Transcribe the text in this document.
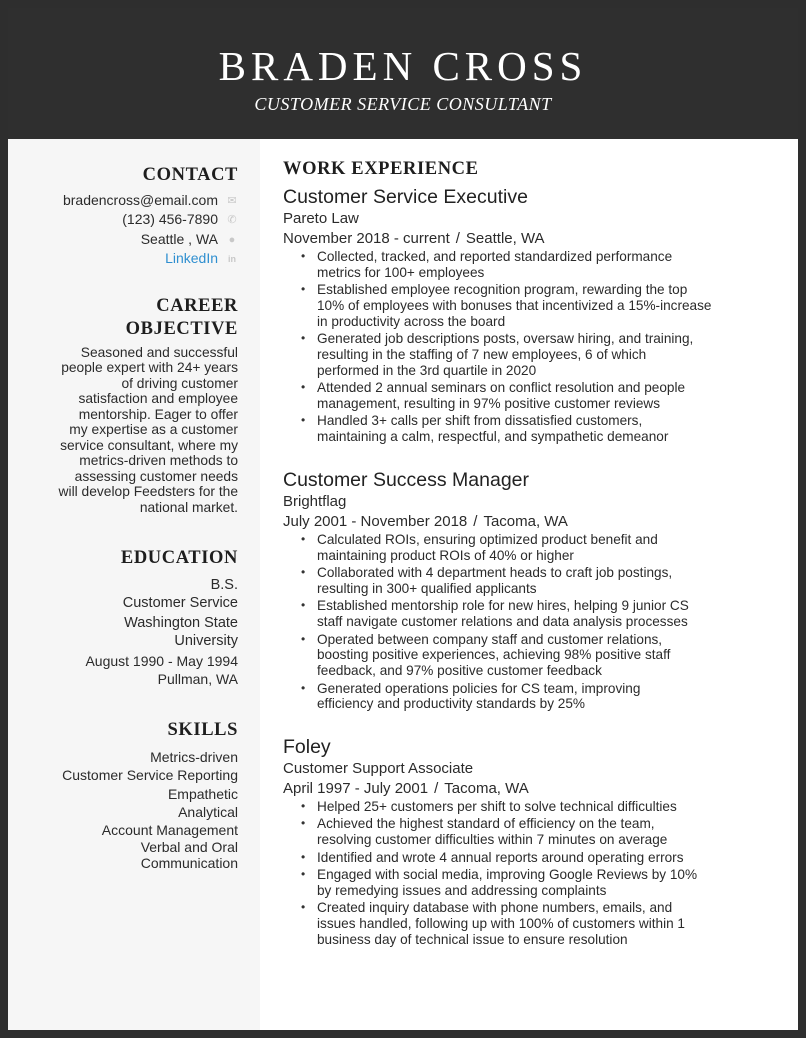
BRADEN CROSS
CUSTOMER SERVICE CONSULTANT
CONTACT
bradencross@email.com ✉
(123) 456-7890 ✆
Seattle , WA ●
LinkedIn in
CAREER
OBJECTIVE
Seasoned and successful
people expert with 24+ years
of driving customer
satisfaction and employee
mentorship. Eager to offer
my expertise as a customer
service consultant, where my
metrics-driven methods to
assessing customer needs
will develop Feedsters for the
national market.
EDUCATION
B.S.
Customer Service
Washington State
University
August 1990 - May 1994
Pullman, WA
SKILLS
Metrics-driven
Customer Service Reporting
Empathetic
Analytical
Account Management
Verbal and Oral
Communication
WORK EXPERIENCE
Customer Service Executive
Pareto Law
November 2018 - current / Seattle, WA
• Collected, tracked, and reported standardized performance
metrics for 100+ employees
• Established employee recognition program, rewarding the top
10% of employees with bonuses that incentivized a 15%-increase
in productivity across the board
• Generated job descriptions posts, oversaw hiring, and training,
resulting in the staffing of 7 new employees, 6 of which
performed in the 3rd quartile in 2020
• Attended 2 annual seminars on conflict resolution and people
management, resulting in 97% positive customer reviews
• Handled 3+ calls per shift from dissatisfied customers,
maintaining a calm, respectful, and sympathetic demeanor
Customer Success Manager
Brightflag
July 2001 - November 2018 / Tacoma, WA
• Calculated ROIs, ensuring optimized product benefit and
maintaining product ROIs of 40% or higher
• Collaborated with 4 department heads to craft job postings,
resulting in 300+ qualified applicants
• Established mentorship role for new hires, helping 9 junior CS
staff navigate customer relations and data analysis processes
• Operated between company staff and customer relations,
boosting positive experiences, achieving 98% positive staff
feedback, and 97% positive customer feedback
• Generated operations policies for CS team, improving
efficiency and productivity standards by 25%
Foley
Customer Support Associate
April 1997 - July 2001 / Tacoma, WA
• Helped 25+ customers per shift to solve technical difficulties
• Achieved the highest standard of efficiency on the team,
resolving customer difficulties within 7 minutes on average
• Identified and wrote 4 annual reports around operating errors
• Engaged with social media, improving Google Reviews by 10%
by remedying issues and addressing complaints
• Created inquiry database with phone numbers, emails, and
issues handled, following up with 100% of customers within 1
business day of technical issue to ensure resolution
